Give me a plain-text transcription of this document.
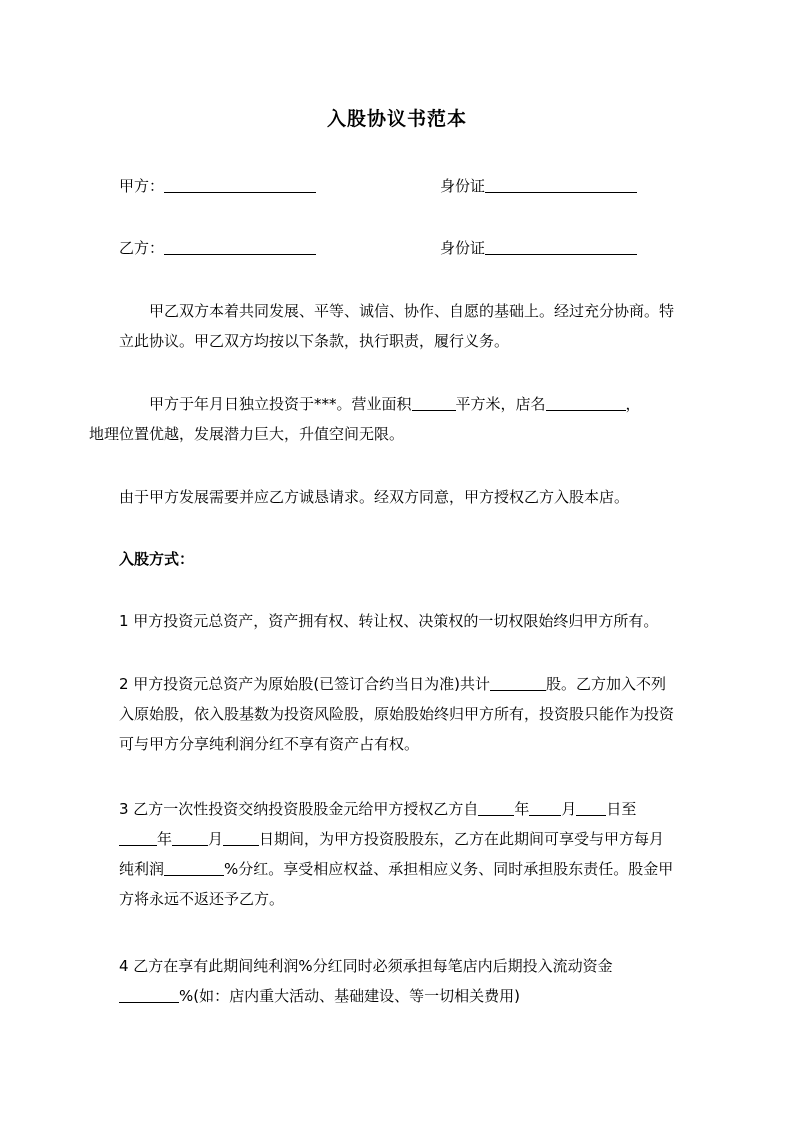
入股协议书范本
甲方：	身份证
乙方：	身份证
甲乙双方本着共同发展、平等、诚信、协作、自愿的基础上。经过充分协商。特立此协议。甲乙双方均按以下条款，执行职责，履行义务。
甲方于年月日独立投资于***。营业面积	平方米，店名	，
地理位置优越，发展潜力巨大，升值空间无限。
由于甲方发展需要并应乙方诚恳请求。经双方同意，甲方授权乙方入股本店。
入股方式：
1 甲方投资元总资产，资产拥有权、转让权、决策权的一切权限始终归甲方所有。
2 甲方投资元总资产为原始股(已签订合约当日为准)共计	股。乙方加入不列入原始股，依入股基数为投资风险股，原始股始终归甲方所有，投资股只能作为投资可与甲方分享纯利润分红不享有资产占有权。
3 乙方一次性投资交纳投资股股金元给甲方授权乙方自 年 月 日至
年 月 日期间，为甲方投资股股东，乙方在此期间可享受与甲方每月纯利润	%分红。享受相应权益、承担相应义务、同时承担股东责任。股金甲方将永远不返还予乙方。
4 乙方在享有此期间纯利润%分红同时必须承担每笔店内后期投入流动资金
%(如：店内重大活动、基础建设、等一切相关费用)
